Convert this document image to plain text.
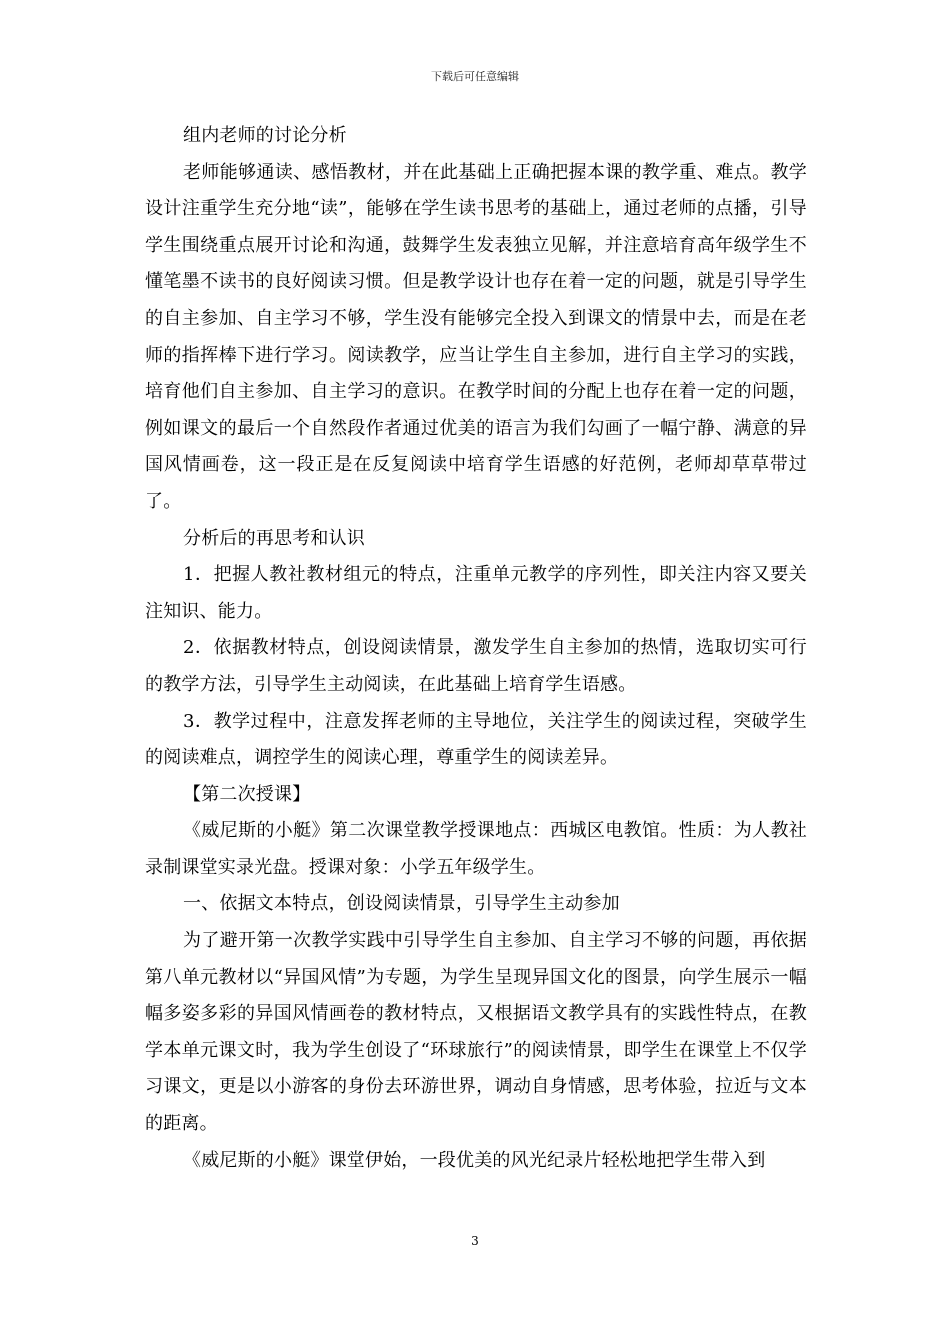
下载后可任意编辑

组内老师的讨论分析

老师能够通读、感悟教材，并在此基础上正确把握本课的教学重、难点。教学设计注重学生充分地“读”，能够在学生读书思考的基础上，通过老师的点播，引导学生围绕重点展开讨论和沟通，鼓舞学生发表独立见解，并注意培育高年级学生不懂笔墨不读书的良好阅读习惯。但是教学设计也存在着一定的问题，就是引导学生的自主参加、自主学习不够，学生没有能够完全投入到课文的情景中去，而是在老师的指挥棒下进行学习。阅读教学，应当让学生自主参加，进行自主学习的实践，培育他们自主参加、自主学习的意识。在教学时间的分配上也存在着一定的问题，例如课文的最后一个自然段作者通过优美的语言为我们勾画了一幅宁静、满意的异国风情画卷，这一段正是在反复阅读中培育学生语感的好范例，老师却草草带过了。

分析后的再思考和认识

1．把握人教社教材组元的特点，注重单元教学的序列性，即关注内容又要关注知识、能力。

2．依据教材特点，创设阅读情景，激发学生自主参加的热情，选取切实可行的教学方法，引导学生主动阅读，在此基础上培育学生语感。

3．教学过程中，注意发挥老师的主导地位，关注学生的阅读过程，突破学生的阅读难点，调控学生的阅读心理，尊重学生的阅读差异。

【第二次授课】

《威尼斯的小艇》第二次课堂教学授课地点：西城区电教馆。性质：为人教社录制课堂实录光盘。授课对象：小学五年级学生。

一、依据文本特点，创设阅读情景，引导学生主动参加

为了避开第一次教学实践中引导学生自主参加、自主学习不够的问题，再依据第八单元教材以“异国风情”为专题，为学生呈现异国文化的图景，向学生展示一幅幅多姿多彩的异国风情画卷的教材特点，又根据语文教学具有的实践性特点，在教学本单元课文时，我为学生创设了“环球旅行”的阅读情景，即学生在课堂上不仅学习课文，更是以小游客的身份去环游世界，调动自身情感，思考体验，拉近与文本的距离。

《威尼斯的小艇》课堂伊始，一段优美的风光纪录片轻松地把学生带入到

3
